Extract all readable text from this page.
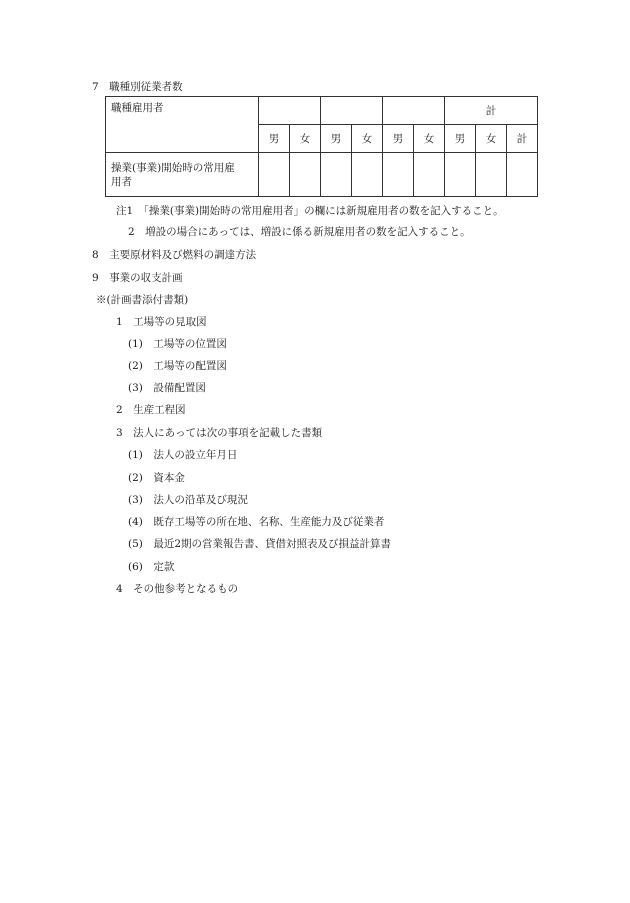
7　職種別従業者数
職種雇用者							計		
	男	女	男	女	男	女	男	女	計
操業(事業)開始時の常用雇
用者									
注1　「操業(事業)開始時の常用雇用者」の欄には新規雇用者の数を記入すること。
2　増設の場合にあっては、増設に係る新規雇用者の数を記入すること。
8　主要原材料及び燃料の調達方法
9　事業の収支計画
※(計画書添付書類)
1　工場等の見取図
(1)　工場等の位置図
(2)　工場等の配置図
(3)　設備配置図
2　生産工程図
3　法人にあっては次の事項を記載した書類
(1)　法人の設立年月日
(2)　資本金
(3)　法人の沿革及び現況
(4)　既存工場等の所在地、名称、生産能力及び従業者
(5)　最近2期の営業報告書、貸借対照表及び損益計算書
(6)　定款
4　その他参考となるもの
